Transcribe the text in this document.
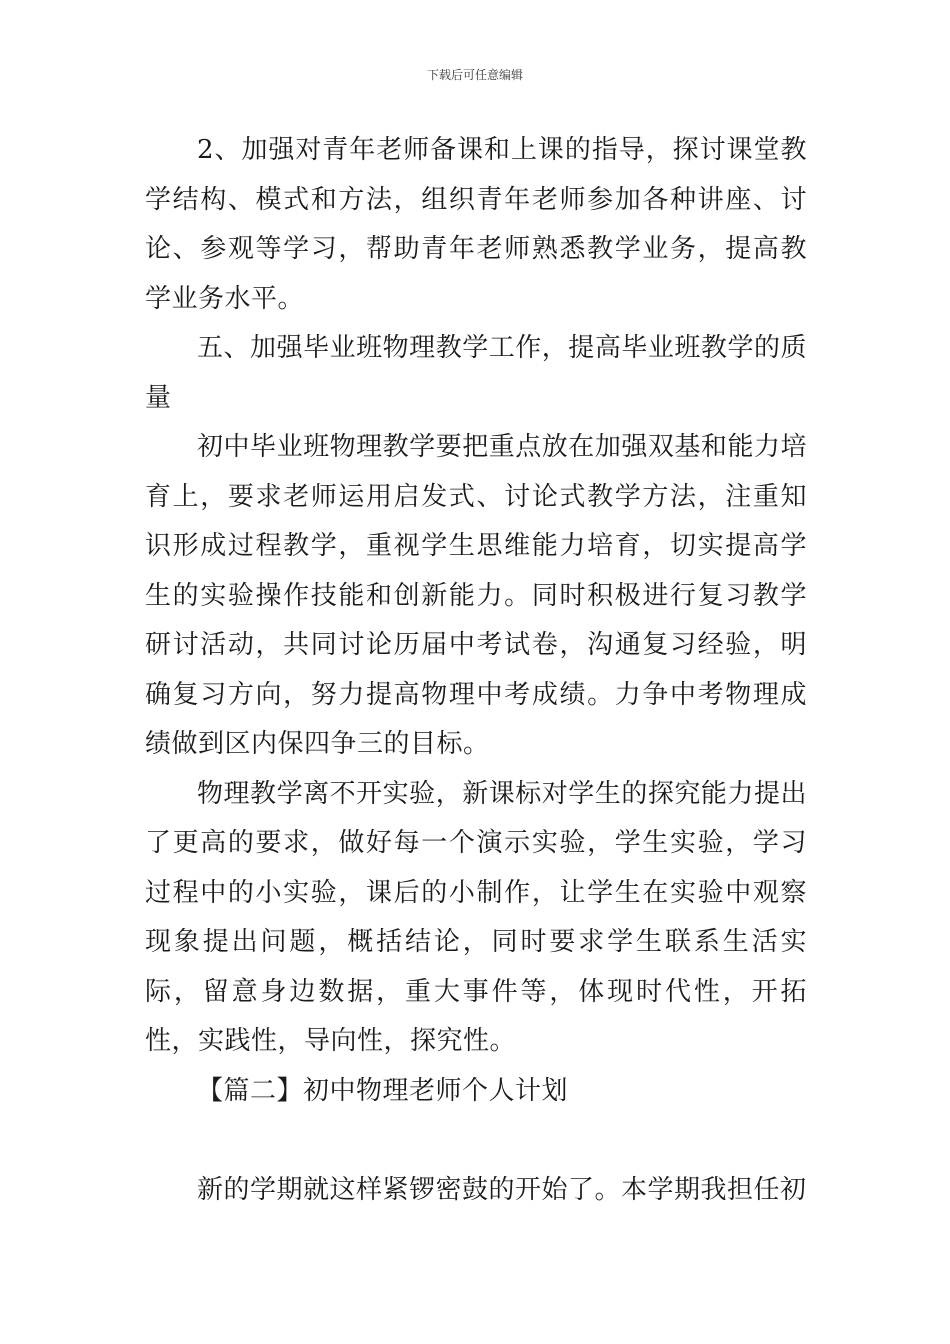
下载后可任意编辑

2、加强对青年老师备课和上课的指导，探讨课堂教学结构、模式和方法，组织青年老师参加各种讲座、讨论、参观等学习，帮助青年老师熟悉教学业务，提高教学业务水平。

五、加强毕业班物理教学工作，提高毕业班教学的质量

初中毕业班物理教学要把重点放在加强双基和能力培育上，要求老师运用启发式、讨论式教学方法，注重知识形成过程教学，重视学生思维能力培育，切实提高学生的实验操作技能和创新能力。同时积极进行复习教学研讨活动，共同讨论历届中考试卷，沟通复习经验，明确复习方向，努力提高物理中考成绩。力争中考物理成绩做到区内保四争三的目标。

物理教学离不开实验，新课标对学生的探究能力提出了更高的要求，做好每一个演示实验，学生实验，学习过程中的小实验，课后的小制作，让学生在实验中观察现象提出问题，概括结论，同时要求学生联系生活实际，留意身边数据，重大事件等，体现时代性，开拓性，实践性，导向性，探究性。

【篇二】初中物理老师个人计划

新的学期就这样紧锣密鼓的开始了。本学期我担任初
